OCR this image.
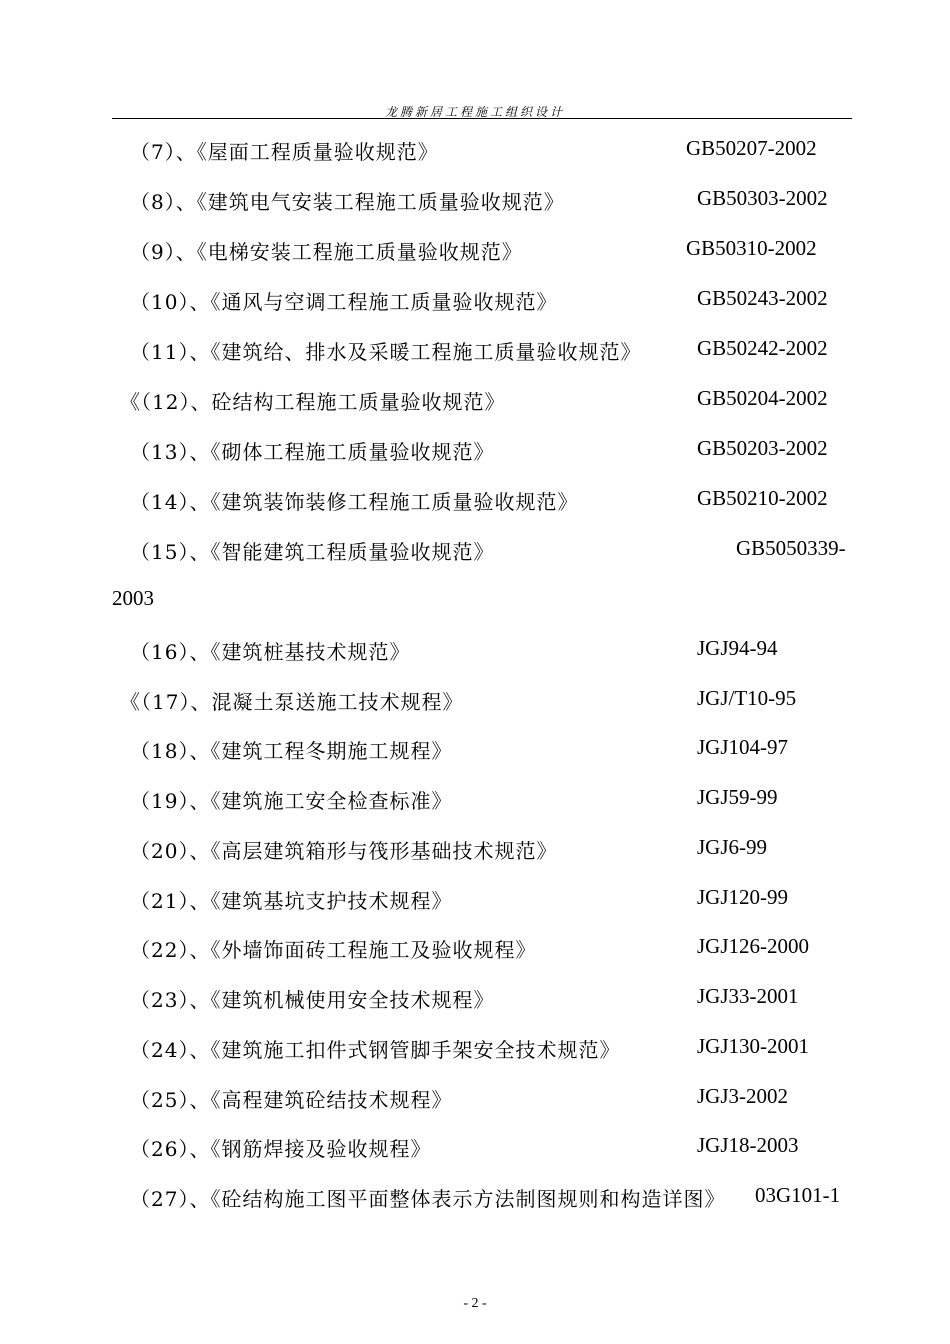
龙腾新居工程施工组织设计
（7）、《屋面工程质量验收规范》	GB50207-2002
（8）、《建筑电气安装工程施工质量验收规范》	GB50303-2002
（9）、《电梯安装工程施工质量验收规范》	GB50310-2002
（10）、《通风与空调工程施工质量验收规范》	GB50243-2002
（11）、《建筑给、排水及采暖工程施工质量验收规范》	GB50242-2002
《（12）、砼结构工程施工质量验收规范》	GB50204-2002
（13）、《砌体工程施工质量验收规范》	GB50203-2002
（14）、《建筑装饰装修工程施工质量验收规范》	GB50210-2002
（15）、《智能建筑工程质量验收规范》	GB5050339-
2003
（16）、《建筑桩基技术规范》	JGJ94-94
《（17）、混凝土泵送施工技术规程》	JGJ/T10-95
（18）、《建筑工程冬期施工规程》	JGJ104-97
（19）、《建筑施工安全检查标准》	JGJ59-99
（20）、《高层建筑箱形与筏形基础技术规范》	JGJ6-99
（21）、《建筑基坑支护技术规程》	JGJ120-99
（22）、《外墙饰面砖工程施工及验收规程》	JGJ126-2000
（23）、《建筑机械使用安全技术规程》	JGJ33-2001
（24）、《建筑施工扣件式钢管脚手架安全技术规范》	JGJ130-2001
（25）、《高程建筑砼结技术规程》	JGJ3-2002
（26）、《钢筋焊接及验收规程》	JGJ18-2003
（27）、《砼结构施工图平面整体表示方法制图规则和构造详图》 03G101-1
- 2 -
